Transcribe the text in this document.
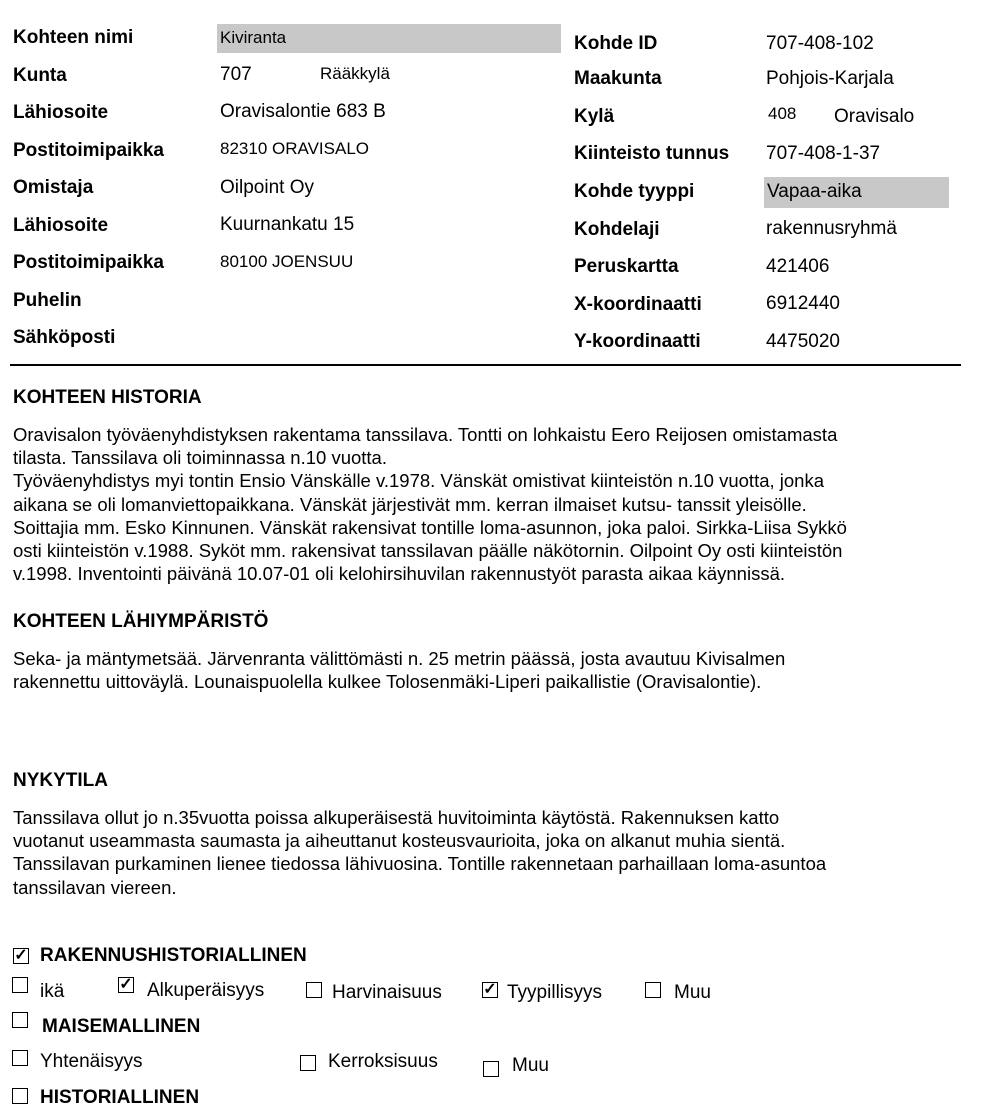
Kohteen nimi	Kiviranta
Kunta	707	Rääkkylä
Lähiosoite	Oravisalontie 683 B
Postitoimipaikka	82310 ORAVISALO
Omistaja	Oilpoint Oy
Lähiosoite	Kuurnankatu 15
Postitoimipaikka	80100 JOENSUU
Puhelin
Sähköposti
Kohde ID	707-408-102
Maakunta	Pohjois-Karjala
Kylä	408 Oravisalo
Kiinteisto tunnus 707-408-1-37
Kohde tyyppi	Vapaa-aika
Kohdelaji	rakennusryhmä
Peruskartta	421406
X-koordinaatti	6912440
Y-koordinaatti	4475020
KOHTEEN HISTORIA
Oravisalon työväenyhdistyksen rakentama tanssilava. Tontti on lohkaistu Eero Reijosen omistamasta
tilasta. Tanssilava oli toiminnassa n.10 vuotta.
Työväenyhdistys myi tontin Ensio Vänskälle v.1978. Vänskät omistivat kiinteistön n.10 vuotta, jonka
aikana se oli lomanviettopaikkana. Vänskät järjestivät mm. kerran ilmaiset kutsu- tanssit yleisölle.
Soittajia mm. Esko Kinnunen. Vänskät rakensivat tontille loma-asunnon, joka paloi. Sirkka-Liisa Sykkö
osti kiinteistön v.1988. Syköt mm. rakensivat tanssilavan päälle näkötornin. Oilpoint Oy osti kiinteistön
v.1998. Inventointi päivänä 10.07-01 oli kelohirsihuvilan rakennustyöt parasta aikaa käynnissä.
KOHTEEN LÄHIYMPÄRISTÖ
Seka- ja mäntymetsää. Järvenranta välittömästi n. 25 metrin päässä, josta avautuu Kivisalmen
rakennettu uittoväylä. Lounaispuolella kulkee Tolosenmäki-Liperi paikallistie (Oravisalontie).
NYKYTILA
Tanssilava ollut jo n.35vuotta poissa alkuperäisestä huvitoiminta käytöstä. Rakennuksen katto
vuotanut useammasta saumasta ja aiheuttanut kosteusvaurioita, joka on alkanut muhia sientä.
Tanssilavan purkaminen lienee tiedossa lähivuosina. Tontille rakennetaan parhaillaan loma-asuntoa
tanssilavan viereen.
✓ RAKENNUSHISTORIALLINEN
ikä	✓ Alkuperäisyys	Harvinaisuus	✓ Tyypillisyys	Muu
MAISEMALLINEN
Yhtenäisyys	Kerroksisuus	Muu
HISTORIALLINEN
